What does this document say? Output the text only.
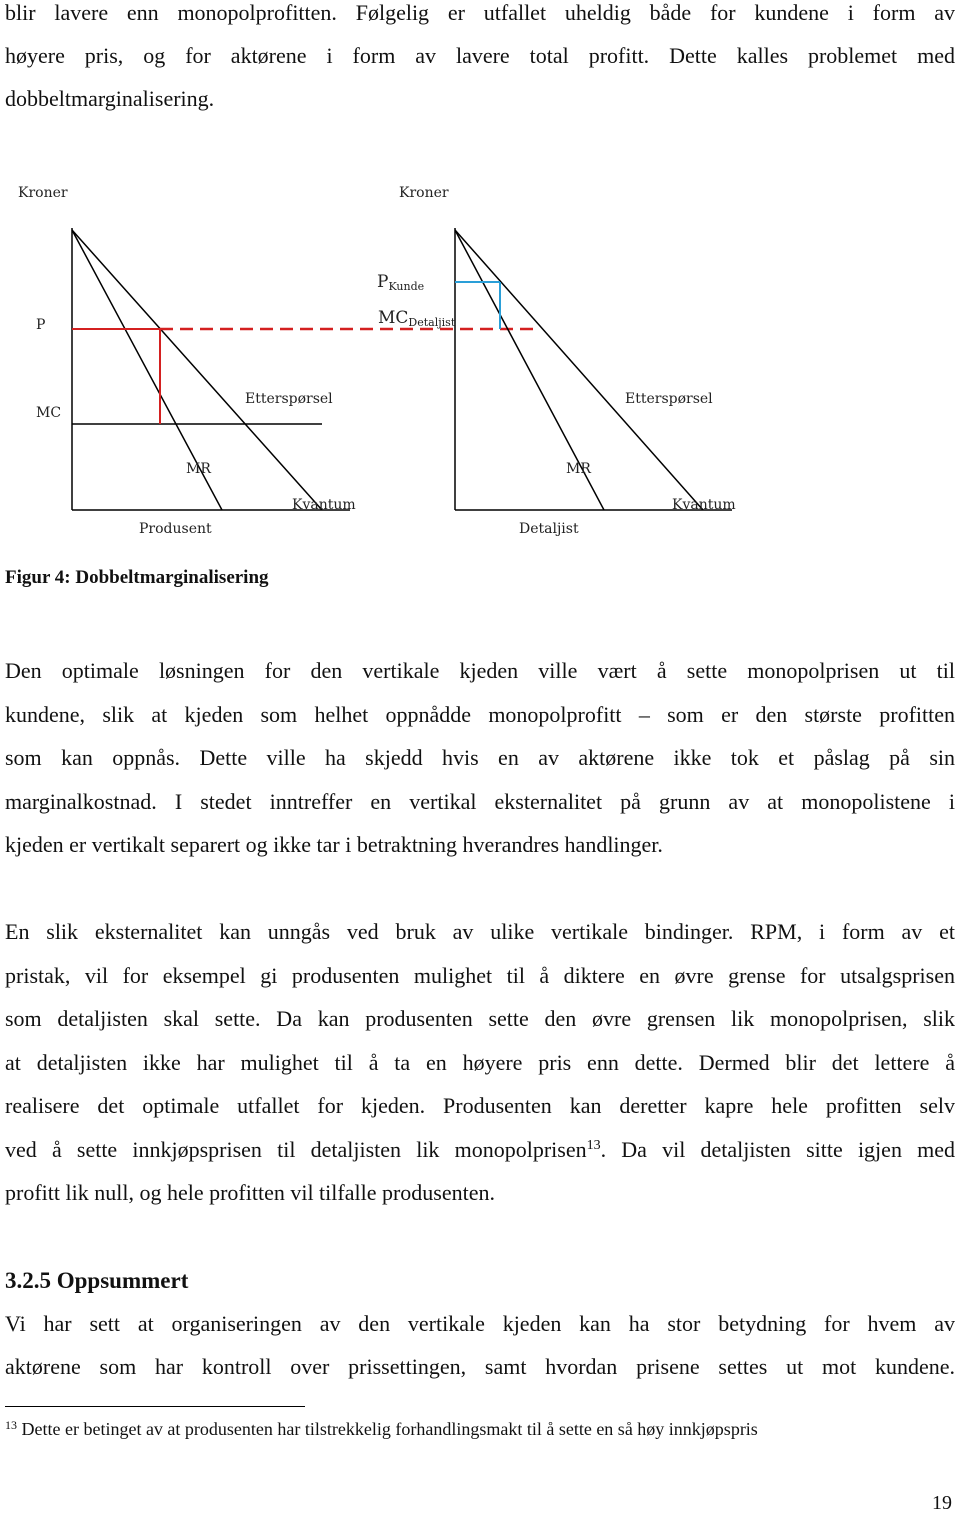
blir lavere enn monopolprofitten. Følgelig er utfallet uheldig både for kundene i form av
høyere pris, og for aktørene i form av lavere total profitt. Dette kalles problemet med
dobbeltmarginalisering.
Kroner	Kroner
$P_{Kunde}$
P	$MC_{Detaljist}$
Etterspørsel	Etterspørsel
MC
MR	MR
Kvantum	Kvantum
Produsent	Detaljist
Figur 4: Dobbeltmarginalisering
Den optimale løsningen for den vertikale kjeden ville vært å sette monopolprisen ut til
kundene, slik at kjeden som helhet oppnådde monopolprofitt – som er den største profitten
som kan oppnås. Dette ville ha skjedd hvis en av aktørene ikke tok et påslag på sin
marginalkostnad. I stedet inntreffer en vertikal eksternalitet på grunn av at monopolistene i
kjeden er vertikalt separert og ikke tar i betraktning hverandres handlinger.
En slik eksternalitet kan unngås ved bruk av ulike vertikale bindinger. RPM, i form av et
pristak, vil for eksempel gi produsenten mulighet til å diktere en øvre grense for utsalgsprisen
som detaljisten skal sette. Da kan produsenten sette den øvre grensen lik monopolprisen, slik
at detaljisten ikke har mulighet til å ta en høyere pris enn dette. Dermed blir det lettere å
realisere det optimale utfallet for kjeden. Produsenten kan deretter kapre hele profitten selv
ved å sette innkjøpsprisen til detaljisten lik monopolprisen$^{13}$. Da vil detaljisten sitte igjen med
profitt lik null, og hele profitten vil tilfalle produsenten.
3.2.5 Oppsummert
Vi har sett at organiseringen av den vertikale kjeden kan ha stor betydning for hvem av
aktørene som har kontroll over prissettingen, samt hvordan prisene settes ut mot kundene.
$^{13}$ Dette er betinget av at produsenten har tilstrekkelig forhandlingsmakt til å sette en så høy innkjøpspris
19
